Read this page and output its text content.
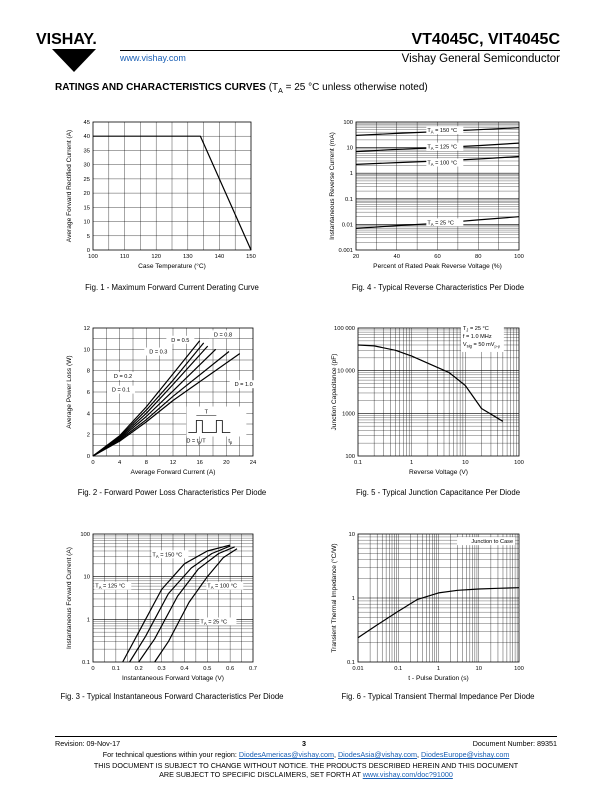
VISHAY.
www.vishay.com
VT4045C, VIT4045C
Vishay General Semiconductor
RATINGS AND CHARACTERISTICS CURVES ($T_A = 25$ °C unless otherwise noted)
100	110	120	130	140	150
0
5
10
15
20
25
30
35
40
45
Case Temperature (°C)
Average Forward Rectified Current (A)
20	40	60	80	100
0.001
0.01
0.1
1
10
100
Percent of Rated Peak Reverse Voltage (%)
Instantaneous Reverse Current (mA)
$T_A = 150$ °C
$T_A = 125$ °C
$T_A = 100$ °C
$T_A = 25$ °C
0	4	8	12	16	20	24
0
2
4
6
8
10
12
Average Forward Current (A)
Average Power Loss (W)	D = 0.1
D = 0.2
D = 0.3
D = 0.5
D = 0.8
D = 1.0
T
$D = t_p/T$	$t_p$
0.1	1	10	100
100
1000
10 000
100 000
Reverse Voltage (V)
Junction Capacitance (pF)
$T_J = 25$ °C
f = 1.0 MHz
$V_{sig} = 50$ $mV_{p-p}$
0	0.1	0.2	0.3	0.4	0.5	0.6	0.7
0.1
1
10
100
Instantaneous Forward Voltage (V)
Instantaneous Forward Current (A)	$T_A = 150$ °C
$T_A = 125$ °C	$T_A = 100$ °C
$T_A = 25$ °C
0.01	0.1	1	10	100
0.1
1
10
t - Pulse Duration (s)
Transient Thermal Impedance (°C/W)
Junction to Case
Fig. 1 - Maximum Forward Current Derating Curve	Fig. 4 - Typical Reverse Characteristics Per Diode
Fig. 2 - Forward Power Loss Characteristics Per Diode	Fig. 5 - Typical Junction Capacitance Per Diode
Fig. 3 - Typical Instantaneous Forward Characteristics Per Diode	Fig. 6 - Typical Transient Thermal Impedance Per Diode
Revision: 09-Nov-17	3	Document Number: 89351
For technical questions within your region: DiodesAmericas@vishay.com, DiodesAsia@vishay.com, DiodesEurope@vishay.com
THIS DOCUMENT IS SUBJECT TO CHANGE WITHOUT NOTICE. THE PRODUCTS DESCRIBED HEREIN AND THIS DOCUMENT
ARE SUBJECT TO SPECIFIC DISCLAIMERS, SET FORTH AT www.vishay.com/doc?91000
